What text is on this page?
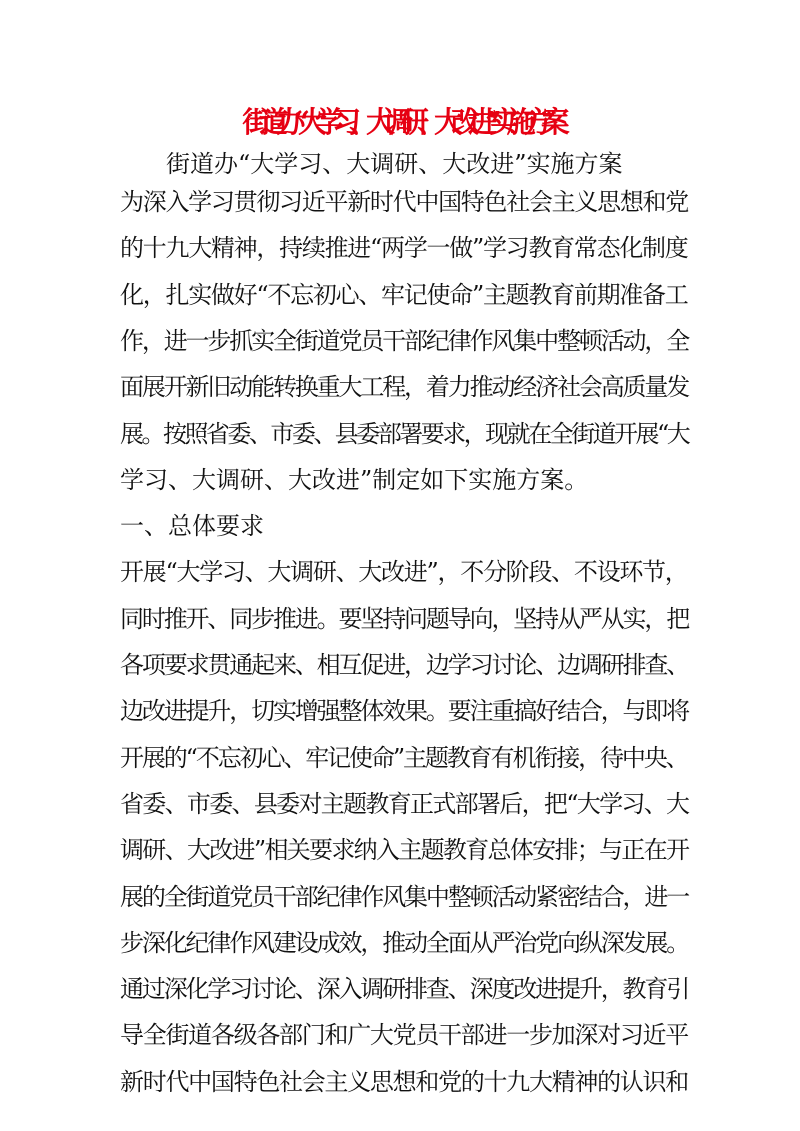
街道办“大学习、大调研、大改进”实施方案
街道办“大学习、大调研、大改进”实施方案
为深入学习贯彻习近平新时代中国特色社会主义思想和党
的十九大精神，持续推进“两学一做”学习教育常态化制度
化，扎实做好“不忘初心、牢记使命”主题教育前期准备工
作，进一步抓实全街道党员干部纪律作风集中整顿活动，全
面展开新旧动能转换重大工程，着力推动经济社会高质量发
展。按照省委、市委、县委部署要求，现就在全街道开展“大
学习、大调研、大改进”制定如下实施方案。
一、总体要求
开展“大学习、大调研、大改进”，不分阶段、不设环节，
同时推开、同步推进。要坚持问题导向，坚持从严从实，把
各项要求贯通起来、相互促进，边学习讨论、边调研排查、
边改进提升，切实增强整体效果。要注重搞好结合，与即将
开展的“不忘初心、牢记使命”主题教育有机衔接，待中央、
省委、市委、县委对主题教育正式部署后，把“大学习、大
调研、大改进”相关要求纳入主题教育总体安排；与正在开
展的全街道党员干部纪律作风集中整顿活动紧密结合，进一
步深化纪律作风建设成效，推动全面从严治党向纵深发展。
通过深化学习讨论、深入调研排查、深度改进提升，教育引
导全街道各级各部门和广大党员干部进一步加深对习近平
新时代中国特色社会主义思想和党的十九大精神的认识和
